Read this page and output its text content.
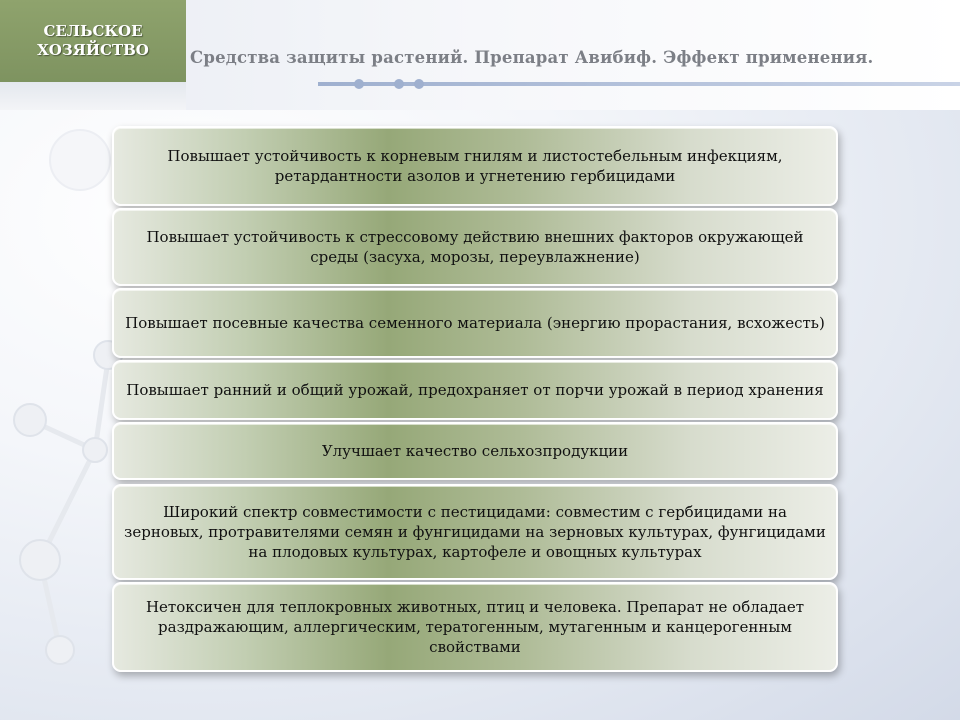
СЕЛЬСКОЕ
ХОЗЯЙСТВО Средства защиты растений. Препарат Авибиф. Эффект применения.
Повышает устойчивость к корневым гнилям и листостебельным инфекциям, ретардантности азолов и угнетению гербицидами
Повышает устойчивость к стрессовому действию внешних факторов окружающей среды (засуха, морозы, переувлажнение)
Повышает посевные качества семенного материала (энергию прорастания, всхожесть)
Повышает ранний и общий урожай, предохраняет от порчи урожай в период хранения
Улучшает качество сельхозпродукции
Широкий спектр совместимости с пестицидами: совместим с гербицидами на зерновых, протравителями семян и фунгицидами на зерновых культурах, фунгицидами на плодовых культурах, картофеле и овощных культурах
Нетоксичен для теплокровных животных, птиц и человека. Препарат не обладает раздражающим, аллергическим, тератогенным, мутагенным и канцерогенным свойствами
